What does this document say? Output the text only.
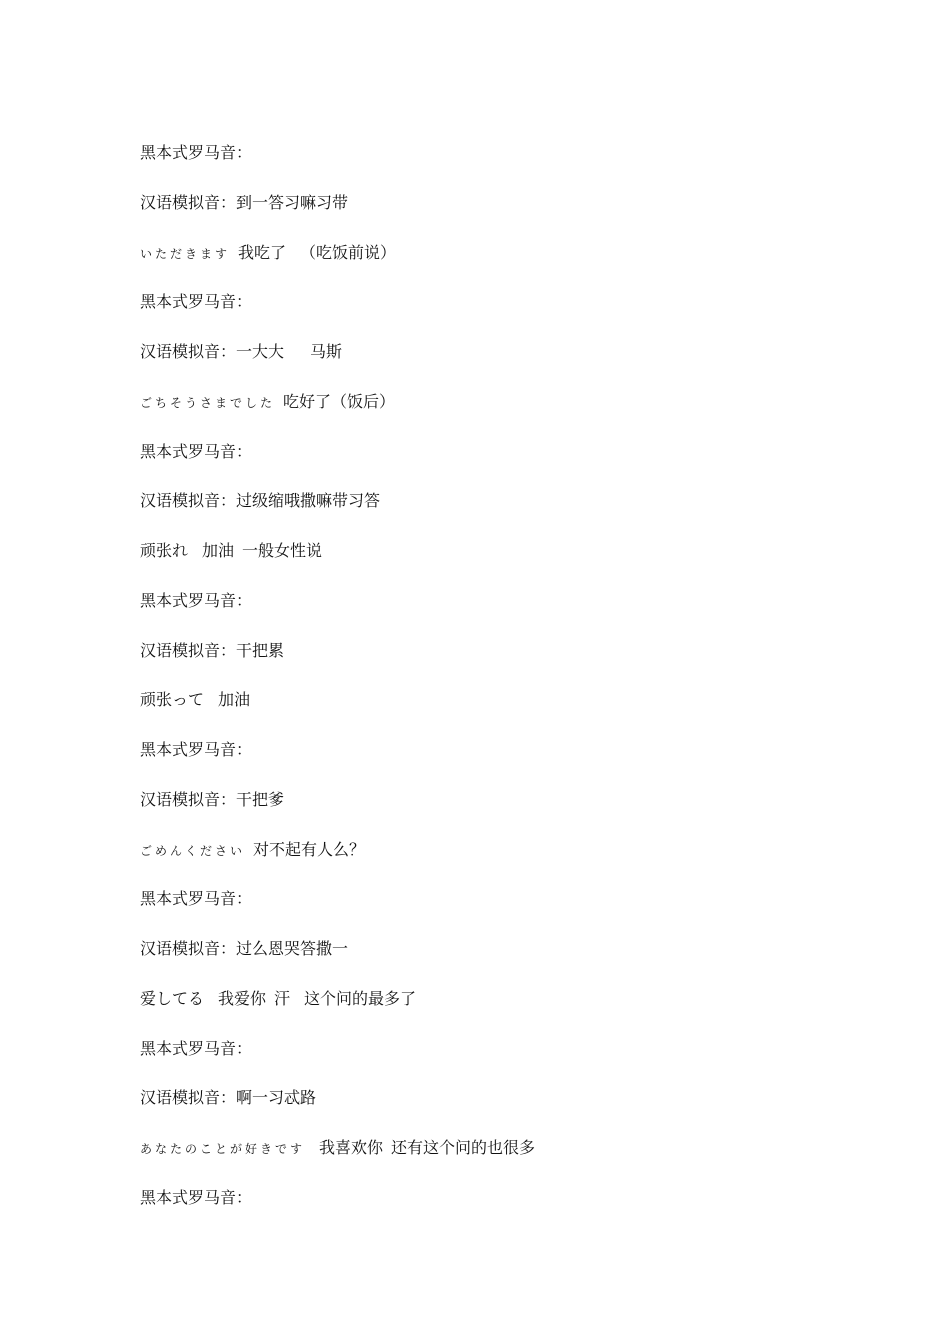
黑本式罗马音：
汉语模拟音：到一答习嘛习带
いただきます 我吃了 （吃饭前说）
黑本式罗马音：
汉语模拟音：一大大 马斯
ごちそうさまでした 吃好了（饭后）
黑本式罗马音：
汉语模拟音：过级缩哦撒嘛带习答
顽张れ 加油 一般女性说
黑本式罗马音：
汉语模拟音：干把累
顽张って 加油
黑本式罗马音：
汉语模拟音：干把爹
ごめんください 对不起有人么？
黑本式罗马音：
汉语模拟音：过么恩哭答撒一
爱してる 我爱你 汗 这个问的最多了
黑本式罗马音：
汉语模拟音：啊一习忒路
あなたのことが好きです 我喜欢你 还有这个问的也很多
黑本式罗马音：
